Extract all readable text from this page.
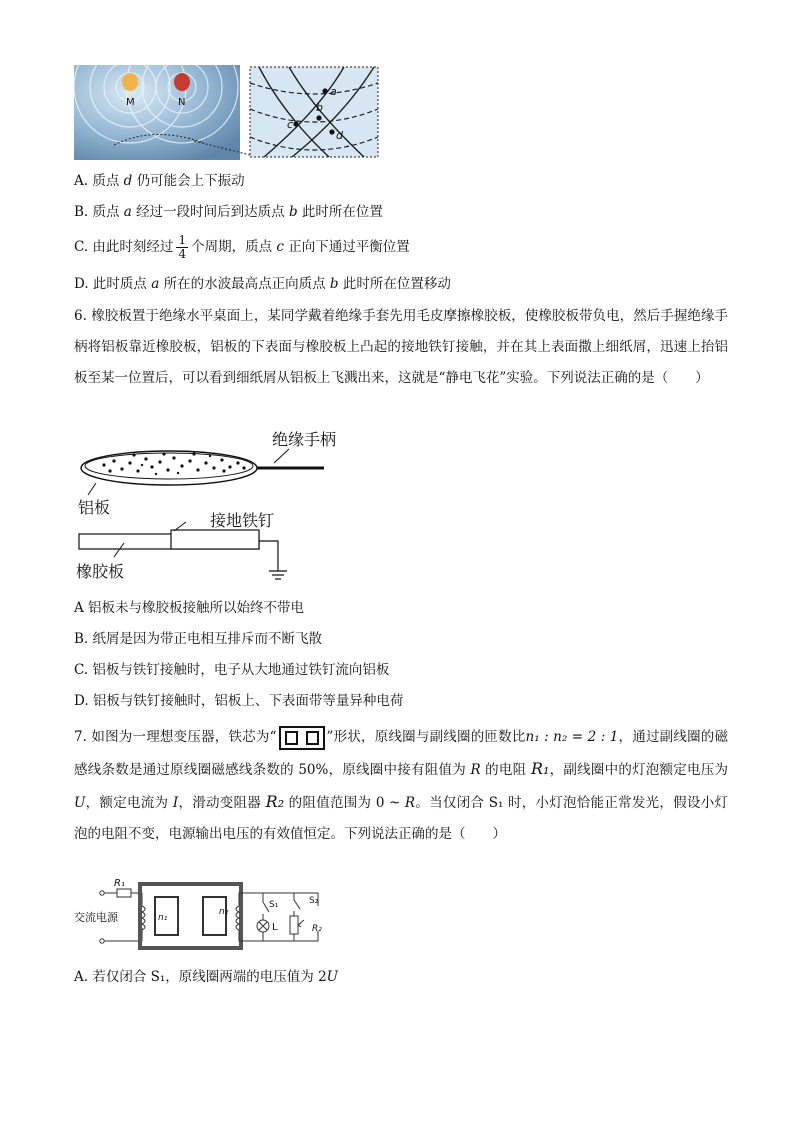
M	N
a
b
c
d
A. 质点 d 仍可能会上下振动
B. 质点 a 经过一段时间后到达质点 b 此时所在位置
C. 由此时刻经过 $\frac{1}{4}$ 个周期，质点 c 正向下通过平衡位置
D. 此时质点 a 所在的水波最高点正向质点 b 此时所在位置移动
6. 橡胶板置于绝缘水平桌面上，某同学戴着绝缘手套先用毛皮摩擦橡胶板，使橡胶板带负电，然后手握绝缘手柄将铝板靠近橡胶板，铝板的下表面与橡胶板上凸起的接地铁钉接触，并在其上表面撒上细纸屑，迅速上抬铝板至某一位置后，可以看到细纸屑从铝板上飞溅出来，这就是“静电飞花”实验。下列说法正确的是（　　）
绝缘手柄
铝板
接地铁钉
橡胶板
A 铝板未与橡胶板接触所以始终不带电
B. 纸屑是因为带正电相互排斥而不断飞散
C. 铝板与铁钉接触时，电子从大地通过铁钉流向铝板
D. 铝板与铁钉接触时，铝板上、下表面带等量异种电荷
7. 如图为一理想变压器，铁芯为“	”形状，原线圈与副线圈的匝数比n₁ : n₂ = 2 : 1，通过副线圈的磁感线条数是通过原线圈磁感线条数的 50%，原线圈中接有阻值为 R 的电阻 R₁，副线圈中的灯泡额定电压为 U，额定电流为 I，滑动变阻器 R₂ 的阻值范围为 0 ~ R。当仅闭合 S₁ 时，小灯泡恰能正常发光，假设小灯泡的电阻不变，电源输出电压的有效值恒定。下列说法正确的是（　　）
R₁
交流电源	n₁
n₂
S₁	S₂
L	R₂
A. 若仅闭合 S₁，原线圈两端的电压值为 2U
